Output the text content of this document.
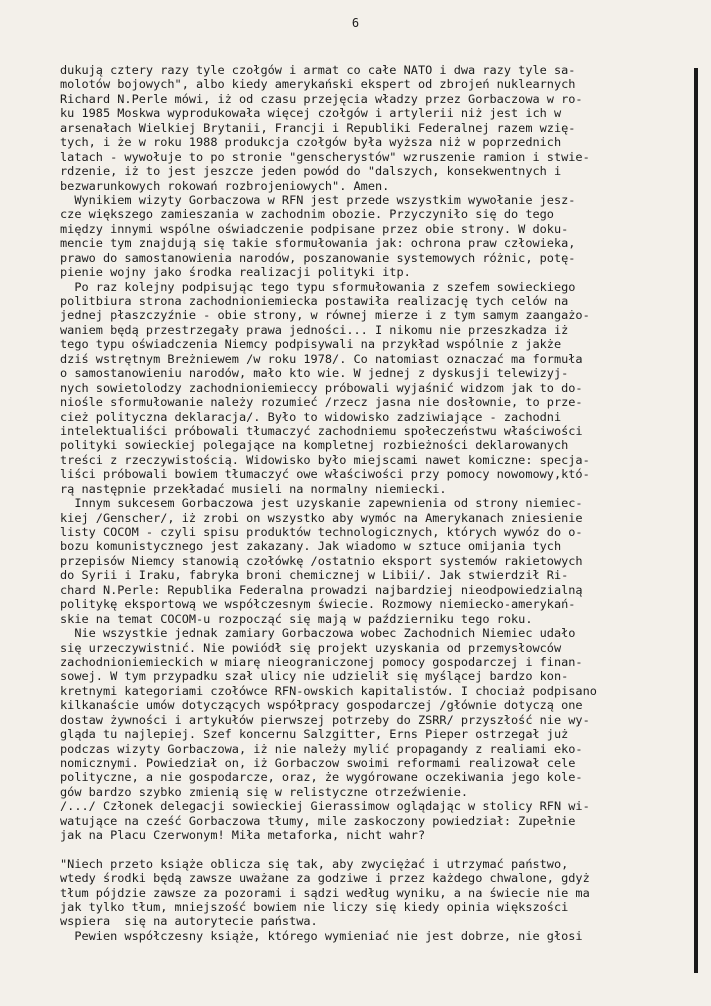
6
dukują cztery razy tyle czołgów i armat co całe NATO i dwa razy tyle sa-
molotów bojowych", albo kiedy amerykański ekspert od zbrojeń nuklearnych
Richard N.Perle mówi, iż od czasu przejęcia władzy przez Gorbaczowa w ro-
ku 1985 Moskwa wyprodukowała więcej czołgów i artylerii niż jest ich w
arsenałach Wielkiej Brytanii, Francji i Republiki Federalnej razem wzię-
tych, i że w roku 1988 produkcja czołgów była wyższa niż w poprzednich
latach - wywołuje to po stronie "genscherystów" wzruszenie ramion i stwie-
rdzenie, iż to jest jeszcze jeden powód do "dalszych, konsekwentnych i
bezwarunkowych rokowań rozbrojeniowych". Amen.
Wynikiem wizyty Gorbaczowa w RFN jest przede wszystkim wywołanie jesz-
cze większego zamieszania w zachodnim obozie. Przyczyniło się do tego
między innymi wspólne oświadczenie podpisane przez obie strony. W doku-
mencie tym znajdują się takie sformułowania jak: ochrona praw człowieka,
prawo do samostanowienia narodów, poszanowanie systemowych różnic, potę-
pienie wojny jako środka realizacji polityki itp.
Po raz kolejny podpisując tego typu sformułowania z szefem sowieckiego
politbiura strona zachodnioniemiecka postawiła realizację tych celów na
jednej płaszczyźnie - obie strony, w równej mierze i z tym samym zaangażo-
waniem będą przestrzegały prawa jedności... I nikomu nie przeszkadza iż
tego typu oświadczenia Niemcy podpisywali na przykład wspólnie z jakże
dziś wstrętnym Breżniewem /w roku 1978/. Co natomiast oznaczać ma formuła
o samostanowieniu narodów, mało kto wie. W jednej z dyskusji telewizyj-
nych sowietolodzy zachodnioniemieccy próbowali wyjaśnić widzom jak to do-
niośle sformułowanie należy rozumieć /rzecz jasna nie dosłownie, to prze-
cież polityczna deklaracja/. Było to widowisko zadziwiające - zachodni
intelektualiści próbowali tłumaczyć zachodniemu społeczeństwu właściwości
polityki sowieckiej polegające na kompletnej rozbieżności deklarowanych
treści z rzeczywistością. Widowisko było miejscami nawet komiczne: specja-
liści próbowali bowiem tłumaczyć owe właściwości przy pomocy nowomowy,któ-
rą następnie przekładać musieli na normalny niemiecki.
Innym sukcesem Gorbaczowa jest uzyskanie zapewnienia od strony niemiec-
kiej /Genscher/, iż zrobi on wszystko aby wymóc na Amerykanach zniesienie
listy COCOM - czyli spisu produktów technologicznych, których wywóz do o-
bozu komunistycznego jest zakazany. Jak wiadomo w sztuce omijania tych
przepisów Niemcy stanowią czołówkę /ostatnio eksport systemów rakietowych
do Syrii i Iraku, fabryka broni chemicznej w Libii/. Jak stwierdził Ri-
chard N.Perle: Republika Federalna prowadzi najbardziej nieodpowiedzialną
politykę eksportową we współczesnym świecie. Rozmowy niemiecko-amerykań-
skie na temat COCOM-u rozpocząć się mają w październiku tego roku.
Nie wszystkie jednak zamiary Gorbaczowa wobec Zachodnich Niemiec udało
się urzeczywistnić. Nie powiódł się projekt uzyskania od przemysłowców
zachodnioniemieckich w miarę nieograniczonej pomocy gospodarczej i finan-
sowej. W tym przypadku szał ulicy nie udzielił się myślącej bardzo kon-
kretnymi kategoriami czołówce RFN-owskich kapitalistów. I chociaż podpisano
kilkanaście umów dotyczących współpracy gospodarczej /głównie dotyczą one
dostaw żywności i artykułów pierwszej potrzeby do ZSRR/ przyszłość nie wy-
gląda tu najlepiej. Szef koncernu Salzgitter, Erns Pieper ostrzegał już
podczas wizyty Gorbaczowa, iż nie należy mylić propagandy z realiami eko-
nomicznymi. Powiedział on, iż Gorbaczow swoimi reformami realizował cele
polityczne, a nie gospodarcze, oraz, że wygórowane oczekiwania jego kole-
gów bardzo szybko zmienią się w relistyczne otrzeźwienie.
/.../ Członek delegacji sowieckiej Gierassimow oglądając w stolicy RFN wi-
watujące na cześć Gorbaczowa tłumy, mile zaskoczony powiedział: Zupełnie
jak na Placu Czerwonym! Miła metaforka, nicht wahr?
"Niech przeto książe oblicza się tak, aby zwyciężać i utrzymać państwo,
wtedy środki będą zawsze uważane za godziwe i przez każdego chwalone, gdyż
tłum pójdzie zawsze za pozorami i sądzi według wyniku, a na świecie nie ma
jak tylko tłum, mniejszość bowiem nie liczy się kiedy opinia większości
wspiera  się na autorytecie państwa.
Pewien współczesny książe, którego wymieniać nie jest dobrze, nie głosi
